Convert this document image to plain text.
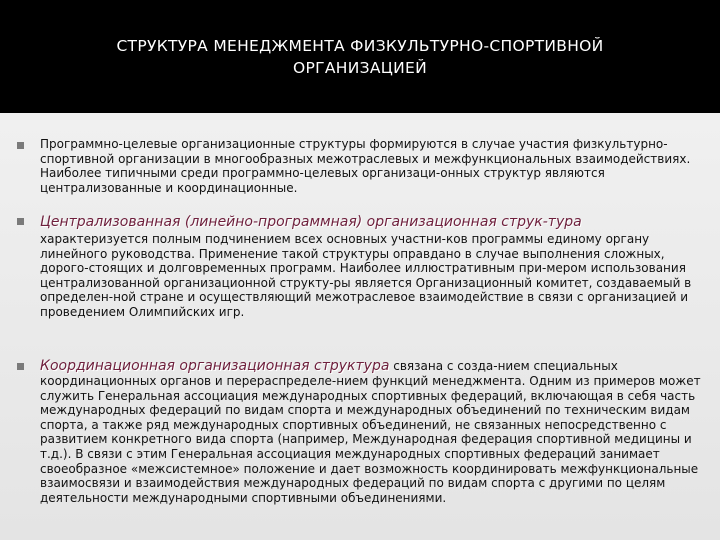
СТРУКТУРА МЕНЕДЖМЕНТА ФИЗКУЛЬТУРНО-СПОРТИВНОЙ
ОРГАНИЗАЦИЕЙ
Программно-целевые организационные структуры формируются в случае участия физкультурно-спортивной организации в многообразных межотраслевых и межфункциональных взаимодействиях. Наиболее типичными среди программно-целевых организаци-онных структур являются централизованные и координационные.
Централизованная (линейно-программная) организационная струк-тура
характеризуется полным подчинением всех основных участни-ков программы единому органу линейного руководства. Применение такой структуры оправдано в случае выполнения сложных, дорого-стоящих и долговременных программ. Наиболее иллюстративным при-мером использования централизованной организационной структу-ры является Организационный комитет, создаваемый в определен-ной стране и осуществляющий межотраслевое взаимодействие в связи с организацией и проведением Олимпийских игр.
Координационная организационная структура связана с созда-нием специальных координационных органов и перераспределе-нием функций менеджмента. Одним из примеров может служить Генеральная ассоциация международных спортивных федераций, включающая в себя часть международных федераций по видам спорта и международных объединений по техническим видам спорта, а также ряд международных спортивных объединений, не связанных непосредственно с развитием конкретного вида спорта (например, Международная федерация спортивной медицины и т.д.). В связи с этим Генеральная ассоциация международных спортивных федераций занимает своеобразное «межсистемное» положение и дает возможность координировать межфункциональные взаимосвязи и взаимодействия международных федераций по видам спорта с другими по целям деятельности международными спортивными объединениями.
